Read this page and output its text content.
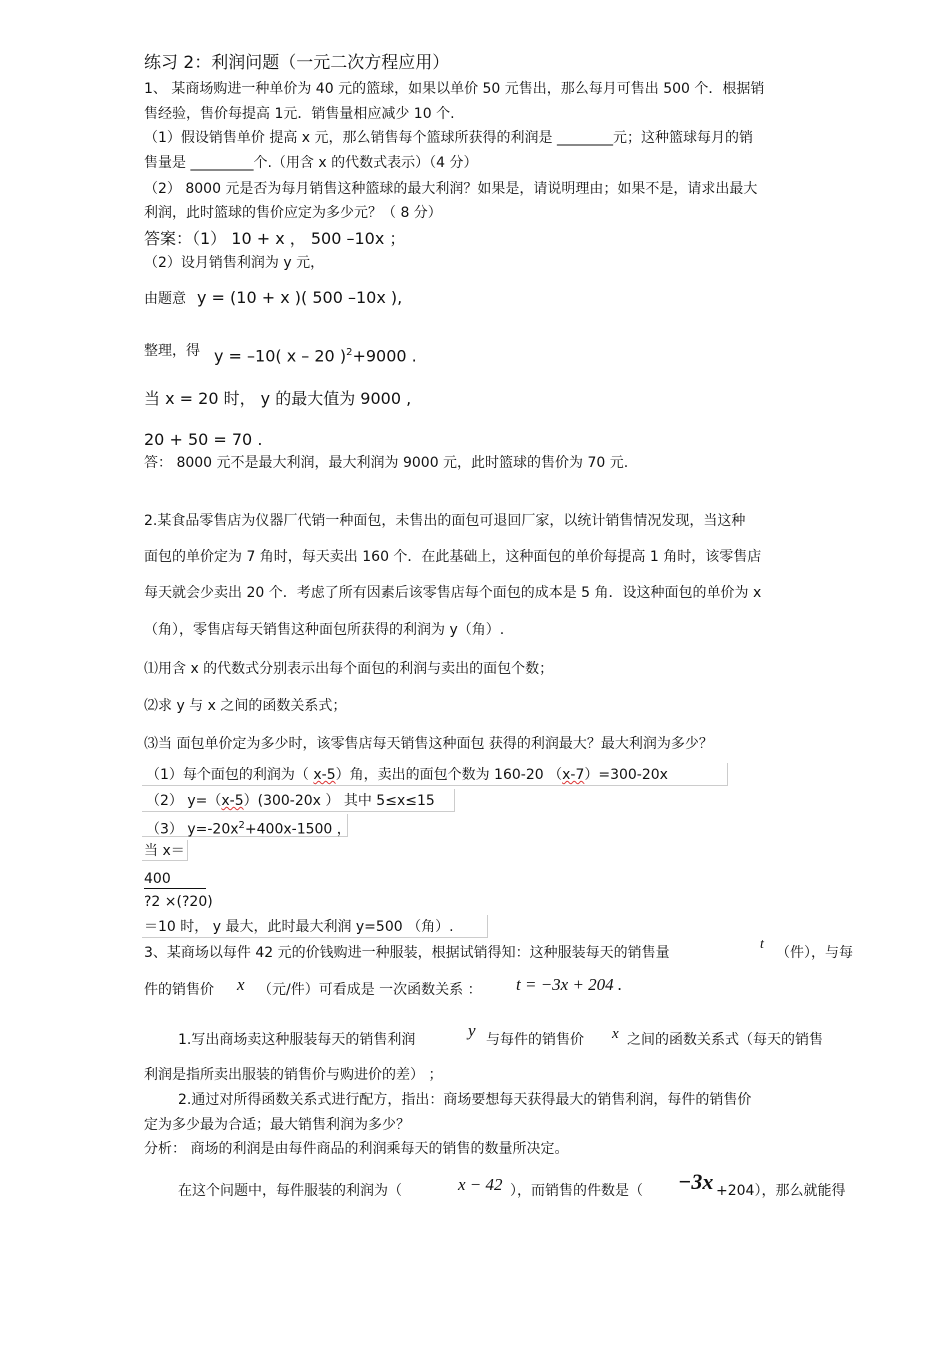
练习 2：利润问题（一元二次方程应用）
1、 某商场购进一种单价为 40 元的篮球，如果以单价 50 元售出，那么每月可售出 500 个．根据销
售经验，售价每提高 1元．销售量相应减少 10 个.
（1）假设销售单价 提高 x 元，那么销售每个篮球所获得的利润是 ________元；这种篮球每月的销
售量是 _________个.（用含 x 的代数式表示）（4 分）
（2） 8000 元是否为每月销售这种篮球的最大利润？如果是，请说明理由；如果不是，请求出最大
利润，此时篮球的售价应定为多少元？（ 8 分）
答案：（1） 10 + x ， 500 –10x ；
（2）设月销售利润为 y 元，
由题意 y = (10 + x )( 500 –10x ),
整理，得 y = –10( x – 20 )$^2$+9000 .
当 x = 20 时， y 的最大值为 9000 ,
20 + 50 = 70 .
答： 8000 元不是最大利润，最大利润为 9000 元，此时篮球的售价为 70 元.
2.某食品零售店为仪器厂代销一种面包，未售出的面包可退回厂家，以统计销售情况发现，当这种
面包的单价定为 7 角时，每天卖出 160 个．在此基础上，这种面包的单价每提高 1 角时，该零售店
每天就会少卖出 20 个．考虑了所有因素后该零售店每个面包的成本是 5 角．设这种面包的单价为 x
（角），零售店每天销售这种面包所获得的利润为 y（角）.
⑴用含 x 的代数式分别表示出每个面包的利润与卖出的面包个数；
⑵求 y 与 x 之间的函数关系式；
⑶当 面包单价定为多少时，该零售店每天销售这种面包 获得的利润最大？最大利润为多少？
（1）每个面包的利润为（ x-5）角，卖出的面包个数为 160-20 （x-7）=300-20x
（2） y=（x-5）(300-20x ） 其中 5≤x≤15
（3） $y=-20x^2+400x-1500$ ，
当 x＝
400
?2 ×(?20)
＝10 时， y 最大，此时最大利润 y=500 （角）.
3、某商场以每件 42 元的价钱购进一种服装，根据试销得知：这种服装每天的销售量
t
（件），与每
件的销售价 x （元/件）可看成是 一次函数关系 ： t = −3x + 204 .
1.写出商场卖这种服装每天的销售利润	y 与每件的销售价 x 之间的函数关系式（每天的销售
利润是指所卖出服装的销售价与购进价的差） ；
2.通过对所得函数关系式进行配方，指出：商场要想每天获得最大的销售利润，每件的销售价
定为多少最为合适；最大销售利润为多少？
分析： 商场的利润是由每件商品的利润乘每天的销售的数量所决定。
在这个问题中，每件服装的利润为（	x − 42 ），而销售的件数是（ −3x +204），那么就能得
